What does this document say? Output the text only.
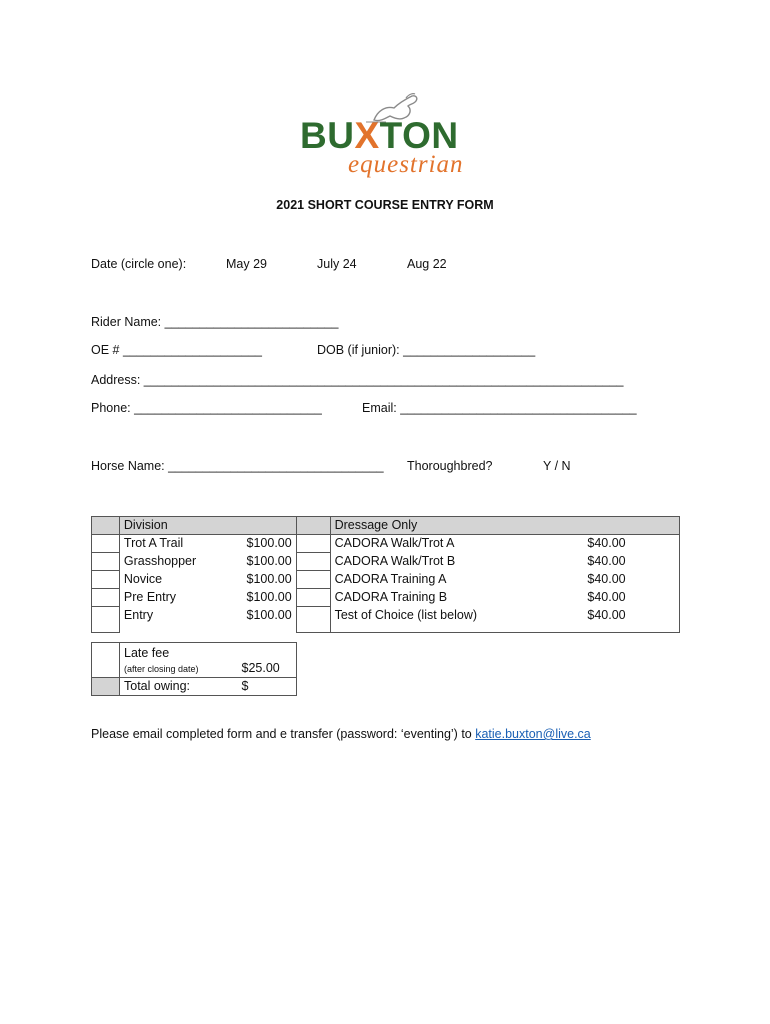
BUXTON
equestrian
2021 SHORT COURSE ENTRY FORM
Date (circle one):	May 29	July 24	Aug 22
Rider Name: _________________________
OE # ____________________	DOB (if junior): ___________________
Address: _____________________________________________________________________
Phone: ___________________________	Email: __________________________________
Horse Name: _______________________________ Thoroughbred?	Y / N
	Division			Dressage Only		
	Trot A Trail	$100.00		CADORA Walk/Trot A	$40.00	
	Grasshopper	$100.00		CADORA Walk/Trot B	$40.00	
	Novice	$100.00		CADORA Training A	$40.00	
	Pre Entry	$100.00		CADORA Training B	$40.00	
	Entry	$100.00		Test of Choice (list below)	$40.00	

	Late fee
(after closing date)	$25.00
	Total owing:	$
Please email completed form and e transfer (password: ‘eventing’) to katie.buxton@live.ca
